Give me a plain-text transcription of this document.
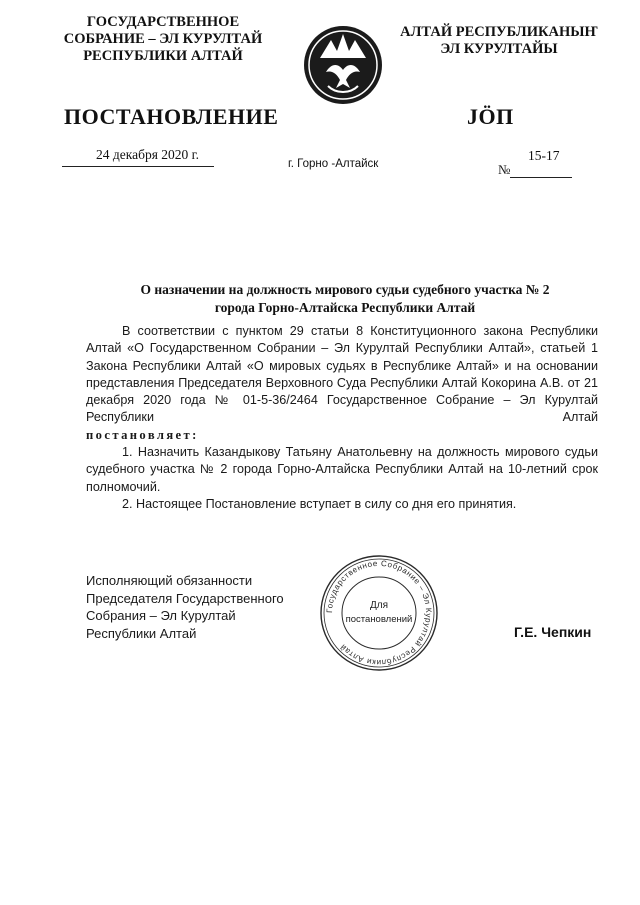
ГОСУДАРСТВЕННОЕ
СОБРАНИЕ – ЭЛ КУРУЛТАЙ
РЕСПУБЛИКИ АЛТАЙ
АЛТАЙ РЕСПУБЛИКАНЫҤ
ЭЛ КУРУЛТАЙЫ
ПОСТАНОВЛЕНИЕ	JÖП
24 декабря 2020 г.
г. Горно -Алтайск	№
15-17
О назначении на должность мирового судьи судебного участка № 2
города Горно-Алтайска Республики Алтай

В соответствии с пунктом 29 статьи 8 Конституционного закона Республики Алтай «О Государственном Собрании – Эл Курултай Республики Алтай», статьей 1 Закона Республики Алтай «О мировых судьях в Республике Алтай» и на основании представления Председателя Верховного Суда Республики Алтай Кокорина А.В. от 21 декабря 2020 года № 01-5-36/2464 Государственное Собрание – Эл Курултай Республики Алтай

постановляет:

1. Назначить Казандыкову Татьяну Анатольевну на должность мирового судьи судебного участка № 2 города Горно-Алтайска Республики Алтай на 10-летний срок полномочий.

2. Настоящее Постановление вступает в силу со дня его принятия.

Исполняющий обязанности
Председателя Государственного
Собрания – Эл Курултай
Республики Алтай
Государственное Собрание – Эл Курултай Республики Алтай
Для
постановлений
Г.Е. Чепкин
